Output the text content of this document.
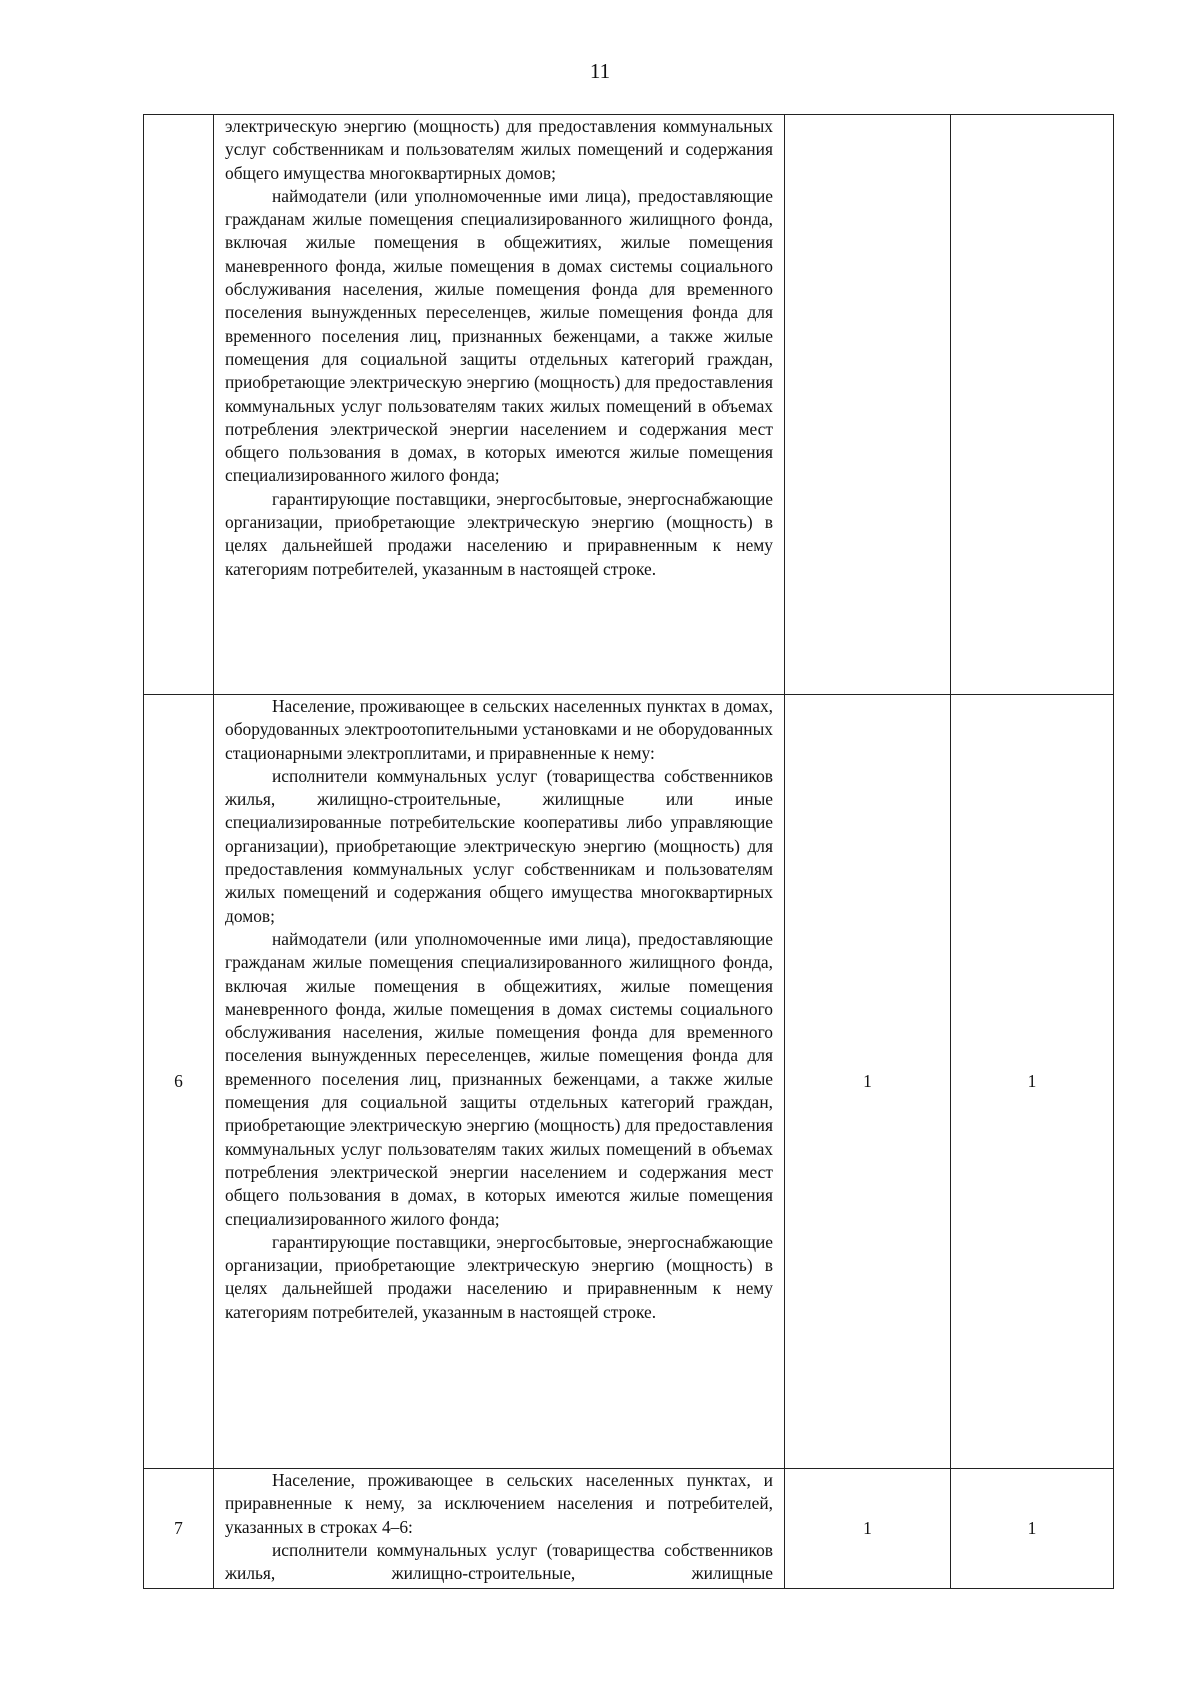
11

	электрическую энергию (мощность) для предоставления коммунальных услуг собственникам и пользователям жилых помещений и содержания общего имущества многоквартирных домов;

наймодатели (или уполномоченные ими лица), предоставляющие гражданам жилые помещения специализированного жилищного фонда, включая жилые помещения в общежитиях, жилые помещения маневренного фонда, жилые помещения в домах системы социального обслуживания населения, жилые помещения фонда для временного поселения вынужденных переселенцев, жилые помещения фонда для временного поселения лиц, признанных беженцами, а также жилые помещения для социальной защиты отдельных категорий граждан, приобретающие электрическую энергию (мощность) для предоставления коммунальных услуг пользователям таких жилых помещений в объемах потребления электрической энергии населением и содержания мест общего пользования в домах, в которых имеются жилые помещения специализированного жилого фонда;

гарантирующие поставщики, энергосбытовые, энергоснабжающие организации, приобретающие электрическую энергию (мощность) в целях дальнейшей продажи населению и приравненным к нему категориям потребителей, указанным в настоящей строке.		

6	Население, проживающее в сельских населенных пунктах в домах, оборудованных электроотопительными установками и не оборудованных стационарными электроплитами, и приравненные к нему:

исполнители коммунальных услуг (товарищества собственников жилья, жилищно-строительные, жилищные или иные специализированные потребительские кооперативы либо управляющие организации), приобретающие электрическую энергию (мощность) для предоставления коммунальных услуг собственникам и пользователям жилых помещений и содержания общего имущества многоквартирных домов;

наймодатели (или уполномоченные ими лица), предоставляющие гражданам жилые помещения специализированного жилищного фонда, включая жилые помещения в общежитиях, жилые помещения маневренного фонда, жилые помещения в домах системы социального обслуживания населения, жилые помещения фонда для временного поселения вынужденных переселенцев, жилые помещения фонда для временного поселения лиц, признанных беженцами, а также жилые помещения для социальной защиты отдельных категорий граждан, приобретающие электрическую энергию (мощность) для предоставления коммунальных услуг пользователям таких жилых помещений в объемах потребления электрической энергии населением и содержания мест общего пользования в домах, в которых имеются жилые помещения специализированного жилого фонда;

гарантирующие поставщики, энергосбытовые, энергоснабжающие организации, приобретающие электрическую энергию (мощность) в целях дальнейшей продажи населению и приравненным к нему категориям потребителей, указанным в настоящей строке.	1	1
7	Население, проживающее в сельских населенных пунктах, и приравненные к нему, за исключением населения и потребителей, указанных в строках 4–6:

исполнители коммунальных услуг (товарищества собственников жилья, жилищно-строительные, жилищные	1	1
